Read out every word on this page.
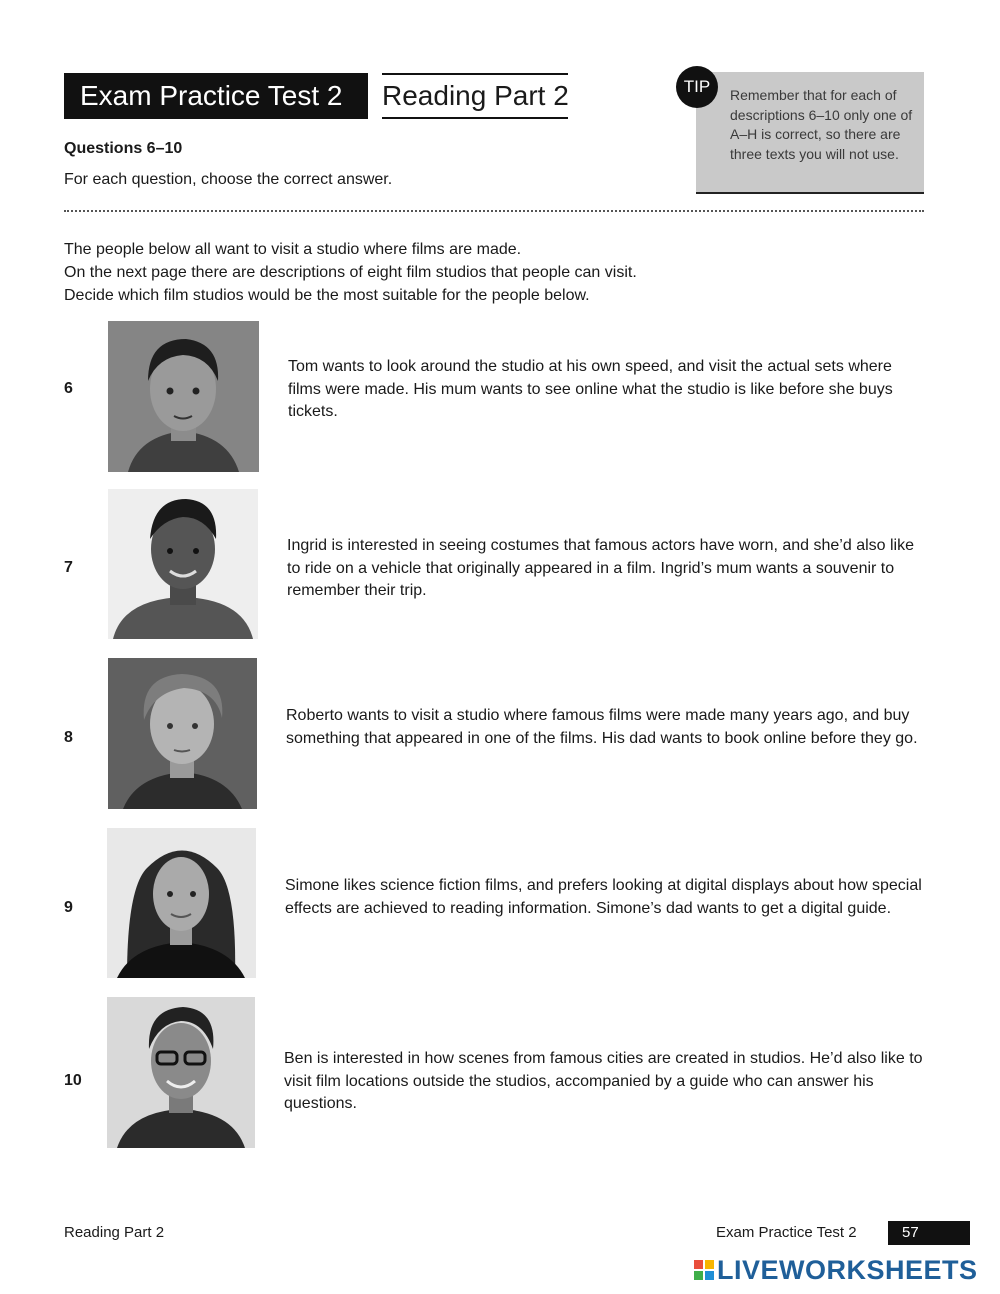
Exam Practice Test 2	Reading Part 2	Remember that for each of descriptions 6–10 only one of A–H is correct, so there are three texts you will not use.
TIP
Questions 6–10
For each question, choose the correct answer.

The people below all want to visit a studio where films are made.

On the next page there are descriptions of eight film studios that people can visit.

Decide which film studios would be the most suitable for the people below.

6
Tom wants to look around the studio at his own speed, and visit the actual sets where films were made. His mum wants to see online what the studio is like before she buys tickets.
7
Ingrid is interested in seeing costumes that famous actors have worn, and she’d also like to ride on a vehicle that originally appeared in a film. Ingrid’s mum wants a souvenir to remember their trip.
8
Roberto wants to visit a studio where famous films were made many years ago, and buy something that appeared in one of the films. His dad wants to book online before they go.
9
Simone likes science fiction films, and prefers looking at digital displays about how special effects are achieved to reading information. Simone’s dad wants to get a digital guide.
10
Ben is interested in how scenes from famous cities are created in studios. He’d also like to visit film locations outside the studios, accompanied by a guide who can answer his questions.
Reading Part 2	Exam Practice Test 2	57
LIVEWORKSHEETS
